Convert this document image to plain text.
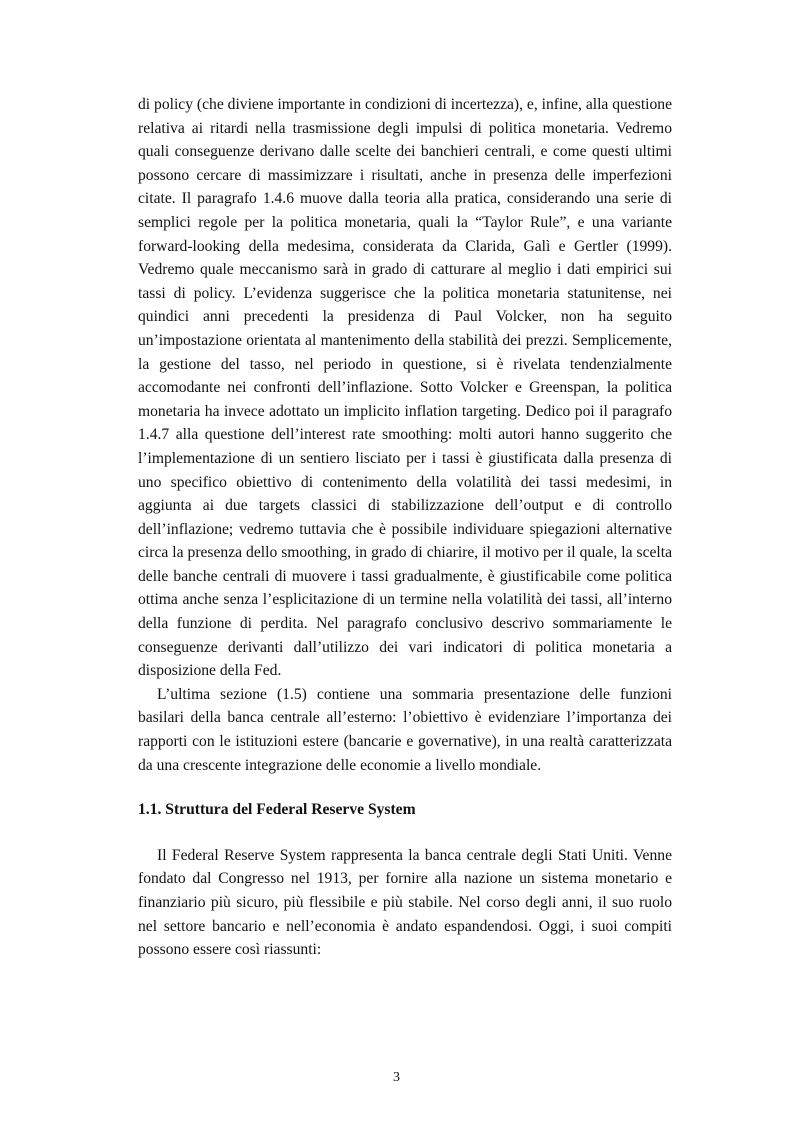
di policy (che diviene importante in condizioni di incertezza), e, infine, alla questione relativa ai ritardi nella trasmissione degli impulsi di politica monetaria. Vedremo quali conseguenze derivano dalle scelte dei banchieri centrali, e come questi ultimi possono cercare di massimizzare i risultati, anche in presenza delle imperfezioni citate. Il paragrafo 1.4.6 muove dalla teoria alla pratica, considerando una serie di semplici regole per la politica monetaria, quali la “Taylor Rule”, e una variante forward-looking della medesima, considerata da Clarida, Galì e Gertler (1999). Vedremo quale meccanismo sarà in grado di catturare al meglio i dati empirici sui tassi di policy. L’evidenza suggerisce che la politica monetaria statunitense, nei quindici anni precedenti la presidenza di Paul Volcker, non ha seguito un’impostazione orientata al mantenimento della stabilità dei prezzi. Semplicemente, la gestione del tasso, nel periodo in questione, si è rivelata tendenzialmente accomodante nei confronti dell’inflazione. Sotto Volcker e Greenspan, la politica monetaria ha invece adottato un implicito inflation targeting. Dedico poi il paragrafo 1.4.7 alla questione dell’interest rate smoothing: molti autori hanno suggerito che l’implementazione di un sentiero lisciato per i tassi è giustificata dalla presenza di uno specifico obiettivo di contenimento della volatilità dei tassi medesimi, in aggiunta ai due targets classici di stabilizzazione dell’output e di controllo dell’inflazione; vedremo tuttavia che è possibile individuare spiegazioni alternative circa la presenza dello smoothing, in grado di chiarire, il motivo per il quale, la scelta delle banche centrali di muovere i tassi gradualmente, è giustificabile come politica ottima anche senza l’esplicitazione di un termine nella volatilità dei tassi, all’interno della funzione di perdita. Nel paragrafo conclusivo descrivo sommariamente le conseguenze derivanti dall’utilizzo dei vari indicatori di politica monetaria a disposizione della Fed.

L’ultima sezione (1.5) contiene una sommaria presentazione delle funzioni basilari della banca centrale all’esterno: l’obiettivo è evidenziare l’importanza dei rapporti con le istituzioni estere (bancarie e governative), in una realtà caratterizzata da una crescente integrazione delle economie a livello mondiale.

1.1. Struttura del Federal Reserve System

Il Federal Reserve System rappresenta la banca centrale degli Stati Uniti. Venne fondato dal Congresso nel 1913, per fornire alla nazione un sistema monetario e finanziario più sicuro, più flessibile e più stabile. Nel corso degli anni, il suo ruolo nel settore bancario e nell’economia è andato espandendosi. Oggi, i suoi compiti possono essere così riassunti:

3
